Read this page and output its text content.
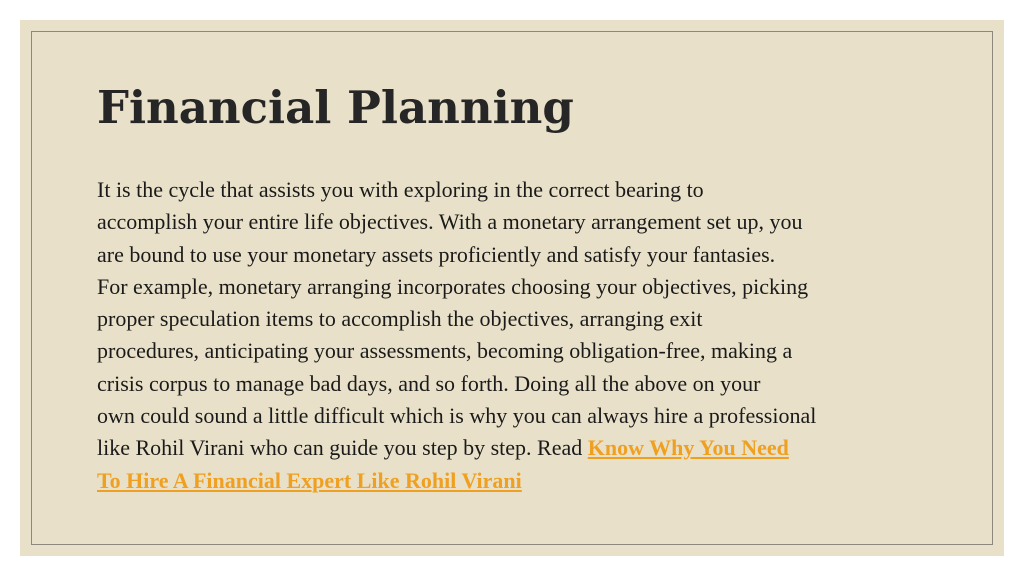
Financial Planning

It is the cycle that assists you with exploring in the correct bearing to
accomplish your entire life objectives. With a monetary arrangement set up, you
are bound to use your monetary assets proficiently and satisfy your fantasies.
For example, monetary arranging incorporates choosing your objectives, picking
proper speculation items to accomplish the objectives, arranging exit
procedures, anticipating your assessments, becoming obligation-free, making a
crisis corpus to manage bad days, and so forth. Doing all the above on your
own could sound a little difficult which is why you can always hire a professional
like Rohil Virani who can guide you step by step. Read Know Why You Need
To Hire A Financial Expert Like Rohil Virani
